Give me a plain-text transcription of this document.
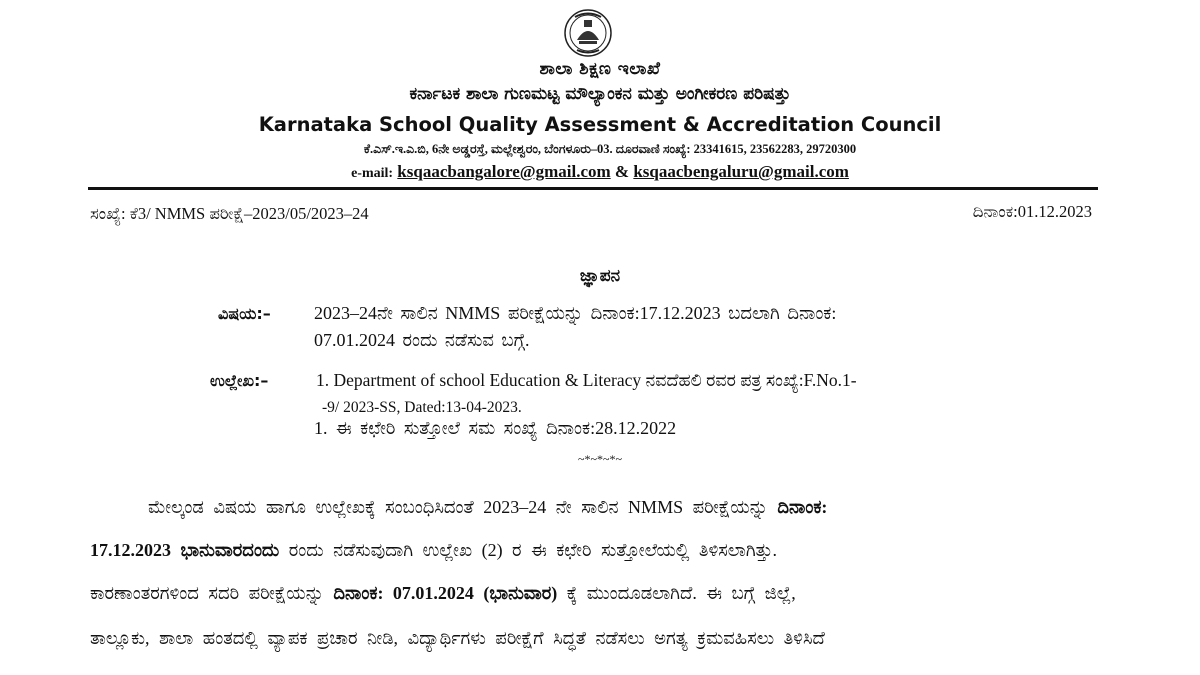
ಶಾಲಾ ಶಿಕ್ಷಣ ಇಲಾಖೆ
ಕರ್ನಾಟಕ ಶಾಲಾ ಗುಣಮಟ್ಟ ಮೌಲ್ಯಾಂಕನ ಮತ್ತು ಅಂಗೀಕರಣ ಪರಿಷತ್ತು
Karnataka School Quality Assessment & Accreditation Council
ಕೆ.ಎಸ್.ಇ.ಎ.ಬಿ, 6ನೇ ಅಡ್ಡರಸ್ತೆ, ಮಲ್ಲೇಶ್ವರಂ, ಬೆಂಗಳೂರು–03. ದೂರವಾಣಿ ಸಂಖ್ಯೆ: 23341615, 23562283, 29720300
e-mail: ksqaacbangalore@gmail.com & ksqaacbengaluru@gmail.com
ಸಂಖ್ಯೆ: ಕೆ3/ NMMS ಪರೀಕ್ಷೆ–2023/05/2023–24	ದಿನಾಂಕ:01.12.2023
ಜ್ಞಾಪನ
ವಿಷಯ:– 2023–24ನೇ ಸಾಲಿನ NMMS ಪರೀಕ್ಷೆಯನ್ನು ದಿನಾಂಕ:17.12.2023 ಬದಲಾಗಿ ದಿನಾಂಕ:
07.01.2024 ರಂದು ನಡೆಸುವ ಬಗ್ಗೆ.
ಉಲ್ಲೇಖ:–	1. Department of school Education & Literacy ನವದೆಹಲಿ ರವರ ಪತ್ರ ಸಂಖ್ಯೆ:F.No.1-
-9/ 2023-SS, Dated:13-04-2023.
1. ಈ ಕಛೇರಿ ಸುತ್ತೋಲೆ ಸಮ ಸಂಖ್ಯೆ ದಿನಾಂಕ:28.12.2022
~*~*~*~
ಮೇಲ್ಕಂಡ ವಿಷಯ ಹಾಗೂ ಉಲ್ಲೇಖಕ್ಕೆ ಸಂಬಂಧಿಸಿದಂತೆ 2023–24 ನೇ ಸಾಲಿನ NMMS ಪರೀಕ್ಷೆಯನ್ನು ದಿನಾಂಕ:
17.12.2023 ಭಾನುವಾರದಂದು ರಂದು ನಡೆಸುವುದಾಗಿ ಉಲ್ಲೇಖ (2) ರ ಈ ಕಛೇರಿ ಸುತ್ತೋಲೆಯಲ್ಲಿ ತಿಳಿಸಲಾಗಿತ್ತು.
ಕಾರಣಾಂತರಗಳಿಂದ ಸದರಿ ಪರೀಕ್ಷೆಯನ್ನು ದಿನಾಂಕ: 07.01.2024 (ಭಾನುವಾರ) ಕ್ಕೆ ಮುಂದೂಡಲಾಗಿದೆ. ಈ ಬಗ್ಗೆ ಜಿಲ್ಲೆ,
ತಾಲ್ಲೂಕು, ಶಾಲಾ ಹಂತದಲ್ಲಿ ವ್ಯಾಪಕ ಪ್ರಚಾರ ನೀಡಿ, ವಿದ್ಯಾರ್ಥಿಗಳು ಪರೀಕ್ಷೆಗೆ ಸಿದ್ಧತೆ ನಡೆಸಲು ಅಗತ್ಯ ಕ್ರಮವಹಿಸಲು ತಿಳಿಸಿದೆ
